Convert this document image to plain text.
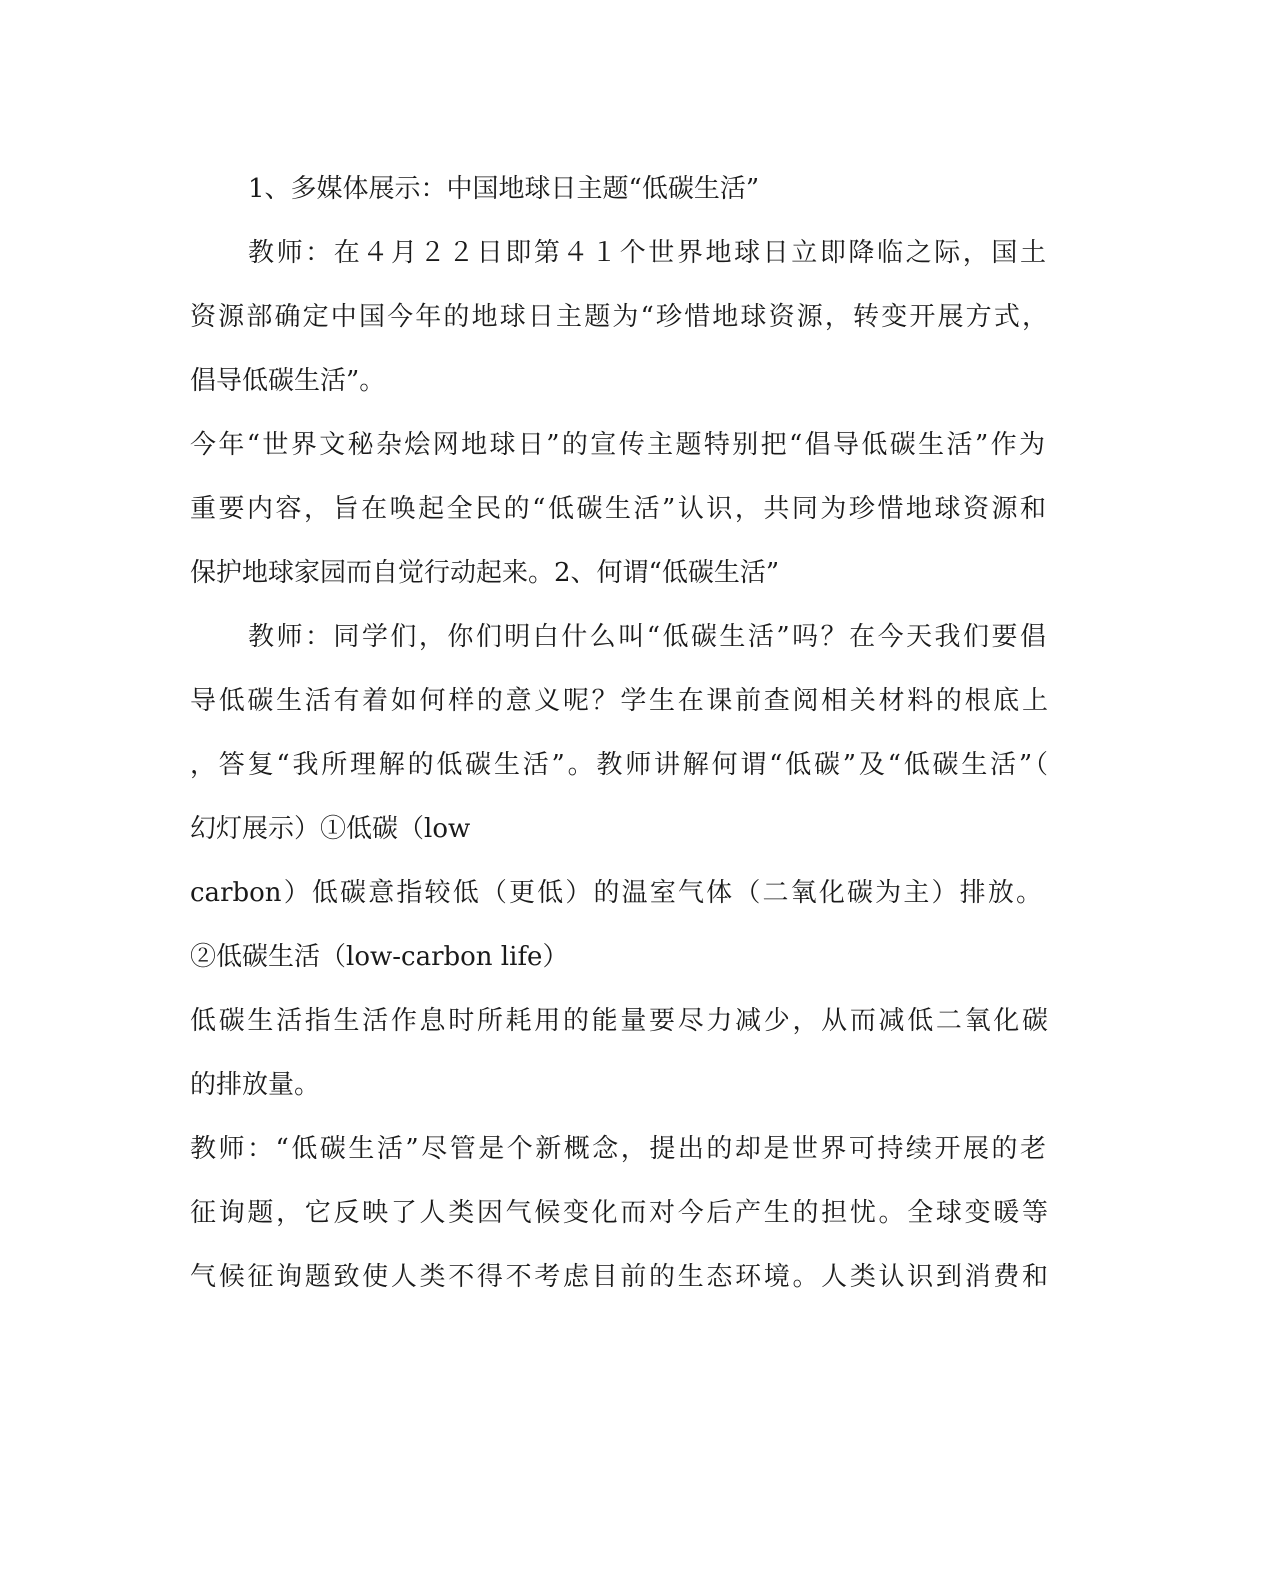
1、多媒体展示：中国地球日主题“低碳生活”
教师：在４月２２日即第４１个世界地球日立即降临之际，国土
资源部确定中国今年的地球日主题为“珍惜地球资源，转变开展方式，
倡导低碳生活”。
今年“世界文秘杂烩网地球日”的宣传主题特别把“倡导低碳生活”作为
重要内容，旨在唤起全民的“低碳生活”认识，共同为珍惜地球资源和
保护地球家园而自觉行动起来。2、何谓“低碳生活”
教师：同学们，你们明白什么叫“低碳生活”吗？在今天我们要倡
导低碳生活有着如何样的意义呢？学生在课前查阅相关材料的根底上
，答复“我所理解的低碳生活”。教师讲解何谓“低碳”及“低碳生活”（
幻灯展示）①低碳（low
carbon）低碳意指较低（更低）的温室气体（二氧化碳为主）排放。
②低碳生活（low-carbon life）
低碳生活指生活作息时所耗用的能量要尽力减少，从而减低二氧化碳
的排放量。
教师：“低碳生活”尽管是个新概念，提出的却是世界可持续开展的老
征询题，它反映了人类因气候变化而对今后产生的担忧。全球变暖等
气候征询题致使人类不得不考虑目前的生态环境。人类认识到消费和
